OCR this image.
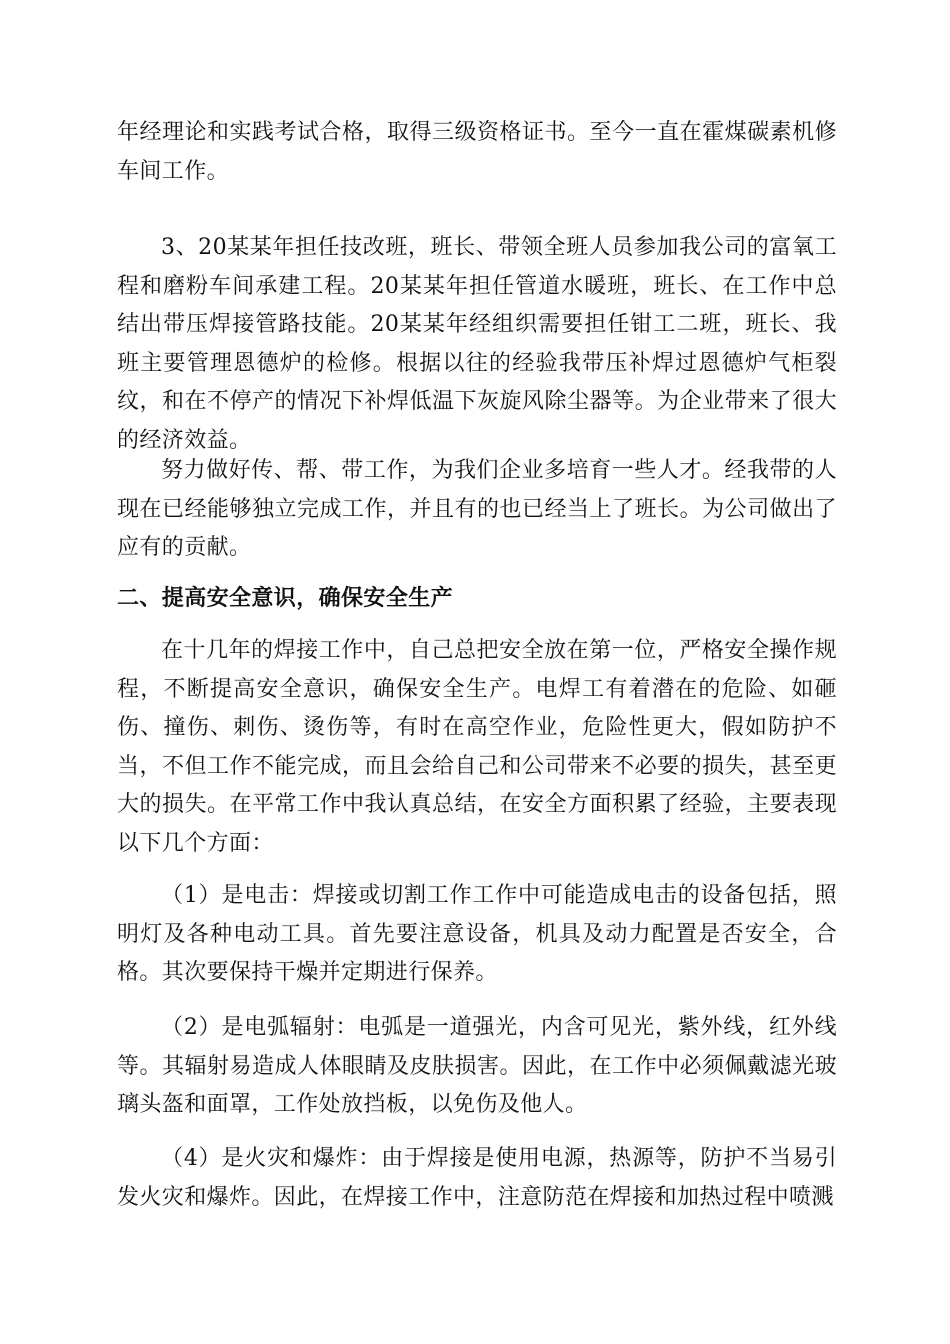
年经理论和实践考试合格，取得三级资格证书。至今一直在霍煤碳素机修车间工作。

3、20某某年担任技改班，班长、带领全班人员参加我公司的富氧工程和磨粉车间承建工程。20某某年担任管道水暖班，班长、在工作中总结出带压焊接管路技能。20某某年经组织需要担任钳工二班，班长、我班主要管理恩德炉的检修。根据以往的经验我带压补焊过恩德炉气柜裂纹，和在不停产的情况下补焊低温下灰旋风除尘器等。为企业带来了很大的经济效益。

努力做好传、帮、带工作，为我们企业多培育一些人才。经我带的人现在已经能够独立完成工作，并且有的也已经当上了班长。为公司做出了应有的贡献。

二、提高安全意识，确保安全生产

在十几年的焊接工作中，自己总把安全放在第一位，严格安全操作规程，不断提高安全意识，确保安全生产。电焊工有着潜在的危险、如砸伤、撞伤、刺伤、烫伤等，有时在高空作业，危险性更大，假如防护不当，不但工作不能完成，而且会给自己和公司带来不必要的损失，甚至更大的损失。在平常工作中我认真总结，在安全方面积累了经验，主要表现以下几个方面：

（1）是电击：焊接或切割工作工作中可能造成电击的设备包括，照明灯及各种电动工具。首先要注意设备，机具及动力配置是否安全，合格。其次要保持干燥并定期进行保养。

（2）是电弧辐射：电弧是一道强光，内含可见光，紫外线，红外线等。其辐射易造成人体眼睛及皮肤损害。因此，在工作中必须佩戴滤光玻璃头盔和面罩，工作处放挡板，以免伤及他人。

（4）是火灾和爆炸：由于焊接是使用电源，热源等，防护不当易引发火灾和爆炸。因此，在焊接工作中，注意防范在焊接和加热过程中喷溅
